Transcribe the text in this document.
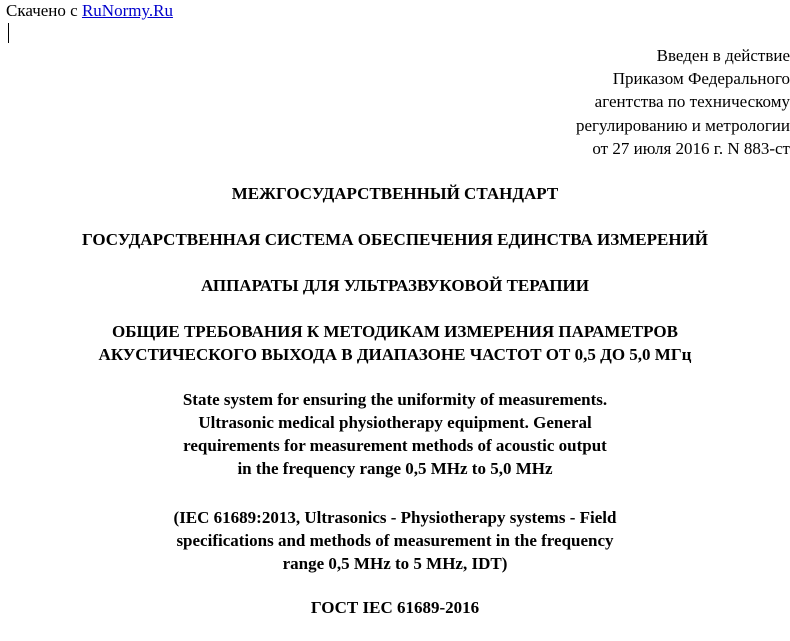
Скачено с RuNormy.Ru
Введен в действие
Приказом Федерального
агентства по техническому
регулированию и метрологии
от 27 июля 2016 г. N 883-ст
МЕЖГОСУДАРСТВЕННЫЙ СТАНДАРТ
ГОСУДАРСТВЕННАЯ СИСТЕМА ОБЕСПЕЧЕНИЯ ЕДИНСТВА ИЗМЕРЕНИЙ
АППАРАТЫ ДЛЯ УЛЬТРАЗВУКОВОЙ ТЕРАПИИ
ОБЩИЕ ТРЕБОВАНИЯ К МЕТОДИКАМ ИЗМЕРЕНИЯ ПАРАМЕТРОВ
АКУСТИЧЕСКОГО ВЫХОДА В ДИАПАЗОНЕ ЧАСТОТ ОТ 0,5 ДО 5,0 МГц
State system for ensuring the uniformity of measurements.
Ultrasonic medical physiotherapy equipment. General
requirements for measurement methods of acoustic output
in the frequency range 0,5 MHz to 5,0 MHz
(IEC 61689:2013, Ultrasonics - Physiotherapy systems - Field
specifications and methods of measurement in the frequency
range 0,5 MHz to 5 MHz, IDT)
ГОСТ IEC 61689-2016
